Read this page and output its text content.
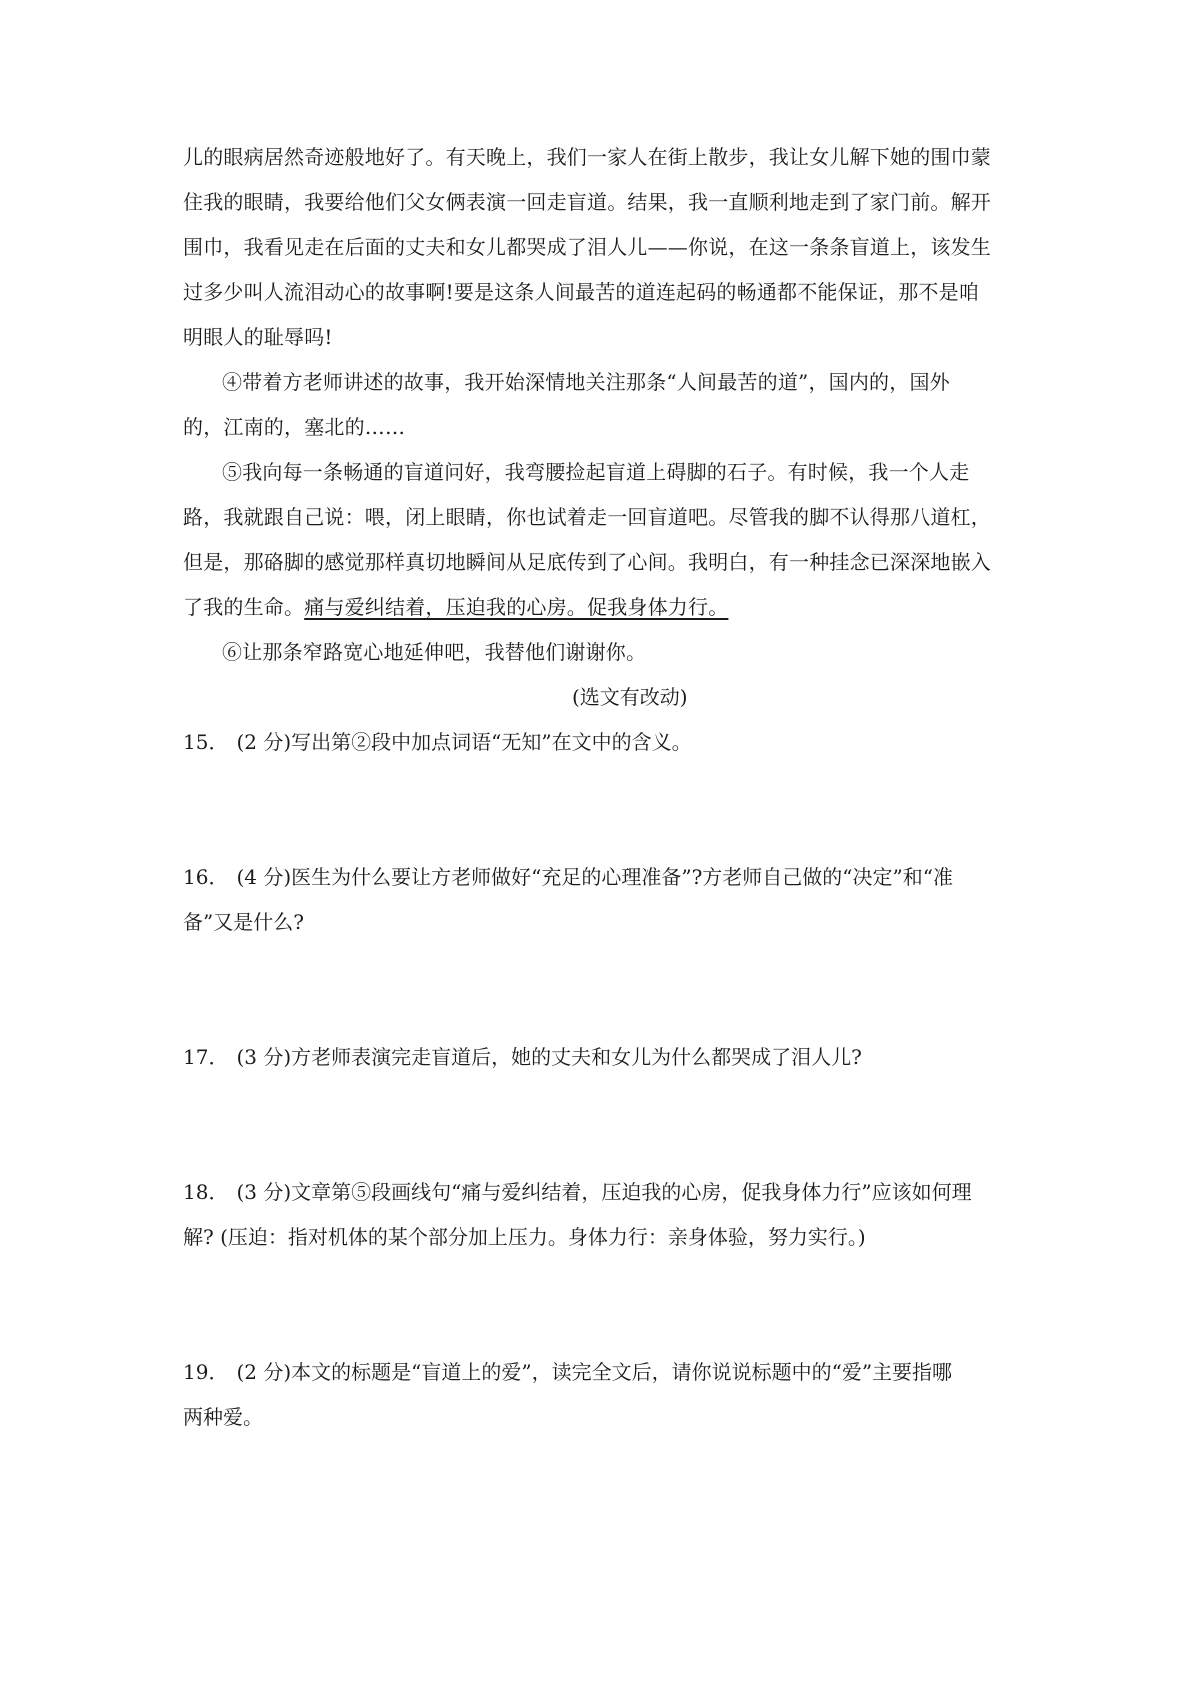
儿的眼病居然奇迹般地好了。有天晚上，我们一家人在街上散步，我让女儿解下她的围巾蒙
住我的眼睛，我要给他们父女俩表演一回走盲道。结果，我一直顺利地走到了家门前。解开
围巾，我看见走在后面的丈夫和女儿都哭成了泪人儿——你说，在这一条条盲道上，该发生
过多少叫人流泪动心的故事啊!要是这条人间最苦的道连起码的畅通都不能保证，那不是咱
明眼人的耻辱吗!
④带着方老师讲述的故事，我开始深情地关注那条“人间最苦的道”，国内的，国外
的，江南的，塞北的……
⑤我向每一条畅通的盲道问好，我弯腰捡起盲道上碍脚的石子。有时候，我一个人走
路，我就跟自己说：喂，闭上眼睛，你也试着走一回盲道吧。尽管我的脚不认得那八道杠，
但是，那硌脚的感觉那样真切地瞬间从足底传到了心间。我明白，有一种挂念已深深地嵌入
了我的生命。痛与爱纠结着，压迫我的心房。促我身体力行。
⑥让那条窄路宽心地延伸吧，我替他们谢谢你。
(选文有改动)
15． (2 分)写出第②段中加点词语“无知”在文中的含义。
16． (4 分)医生为什么要让方老师做好“充足的心理准备”?方老师自己做的“决定”和“准
备”又是什么?
17． (3 分)方老师表演完走盲道后，她的丈夫和女儿为什么都哭成了泪人儿?
18． (3 分)文章第⑤段画线句“痛与爱纠结着，压迫我的心房，促我身体力行”应该如何理
解? (压迫：指对机体的某个部分加上压力。身体力行：亲身体验，努力实行。)
19． (2 分)本文的标题是“盲道上的爱”，读完全文后，请你说说标题中的“爱”主要指哪
两种爱。
